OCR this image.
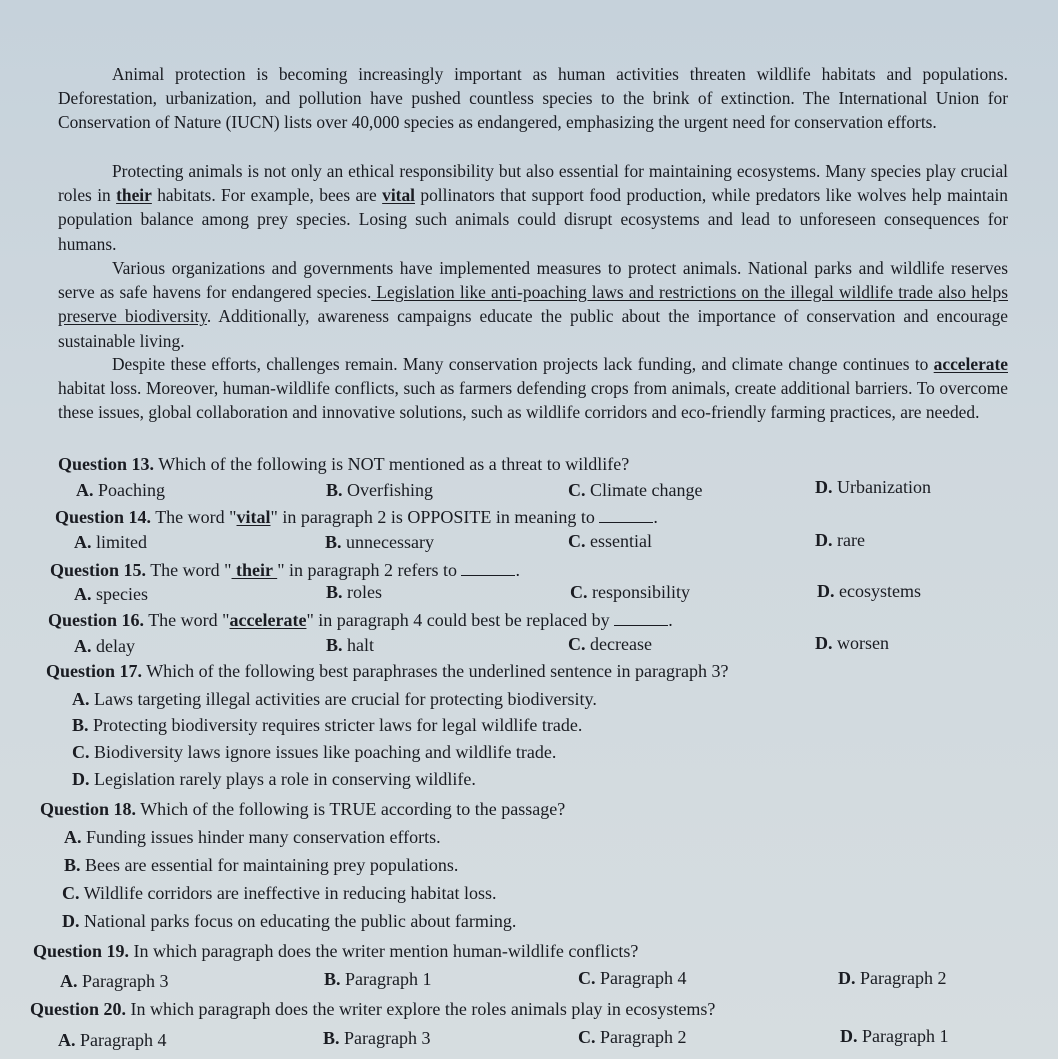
Animal protection is becoming increasingly important as human activities threaten wildlife habitats and populations. Deforestation, urbanization, and pollution have pushed countless species to the brink of extinction. The International Union for Conservation of Nature (IUCN) lists over 40,000 species as endangered, emphasizing the urgent need for conservation efforts.

Protecting animals is not only an ethical responsibility but also essential for maintaining ecosystems. Many species play crucial roles in their habitats. For example, bees are vital pollinators that support food production, while predators like wolves help maintain population balance among prey species. Losing such animals could disrupt ecosystems and lead to unforeseen consequences for humans.

Various organizations and governments have implemented measures to protect animals. National parks and wildlife reserves serve as safe havens for endangered species. Legislation like anti-poaching laws and restrictions on the illegal wildlife trade also helps preserve biodiversity. Additionally, awareness campaigns educate the public about the importance of conservation and encourage sustainable living.

Despite these efforts, challenges remain. Many conservation projects lack funding, and climate change continues to accelerate habitat loss. Moreover, human-wildlife conflicts, such as farmers defending crops from animals, create additional barriers. To overcome these issues, global collaboration and innovative solutions, such as wildlife corridors and eco-friendly farming practices, are needed.

Question 13. Which of the following is NOT mentioned as a threat to wildlife?
A. Poaching	B. Overfishing	C. Climate change	D. Urbanization
Question 14. The word "vital" in paragraph 2 is OPPOSITE in meaning to	.
A. limited	B. unnecessary	C. essential	D. rare
Question 15. The word " their " in paragraph 2 refers to	.
A. species	B. roles	C. responsibility	D. ecosystems
Question 16. The word "accelerate" in paragraph 4 could best be replaced by	.
A. delay	B. halt	C. decrease	D. worsen
Question 17. Which of the following best paraphrases the underlined sentence in paragraph 3?
A. Laws targeting illegal activities are crucial for protecting biodiversity.
B. Protecting biodiversity requires stricter laws for legal wildlife trade.
C. Biodiversity laws ignore issues like poaching and wildlife trade.
D. Legislation rarely plays a role in conserving wildlife.
Question 18. Which of the following is TRUE according to the passage?
A. Funding issues hinder many conservation efforts.
B. Bees are essential for maintaining prey populations.
C. Wildlife corridors are ineffective in reducing habitat loss.
D. National parks focus on educating the public about farming.
Question 19. In which paragraph does the writer mention human-wildlife conflicts?
A. Paragraph 3	B. Paragraph 1	C. Paragraph 4	D. Paragraph 2
Question 20. In which paragraph does the writer explore the roles animals play in ecosystems?
A. Paragraph 4	B. Paragraph 3	C. Paragraph 2	D. Paragraph 1
